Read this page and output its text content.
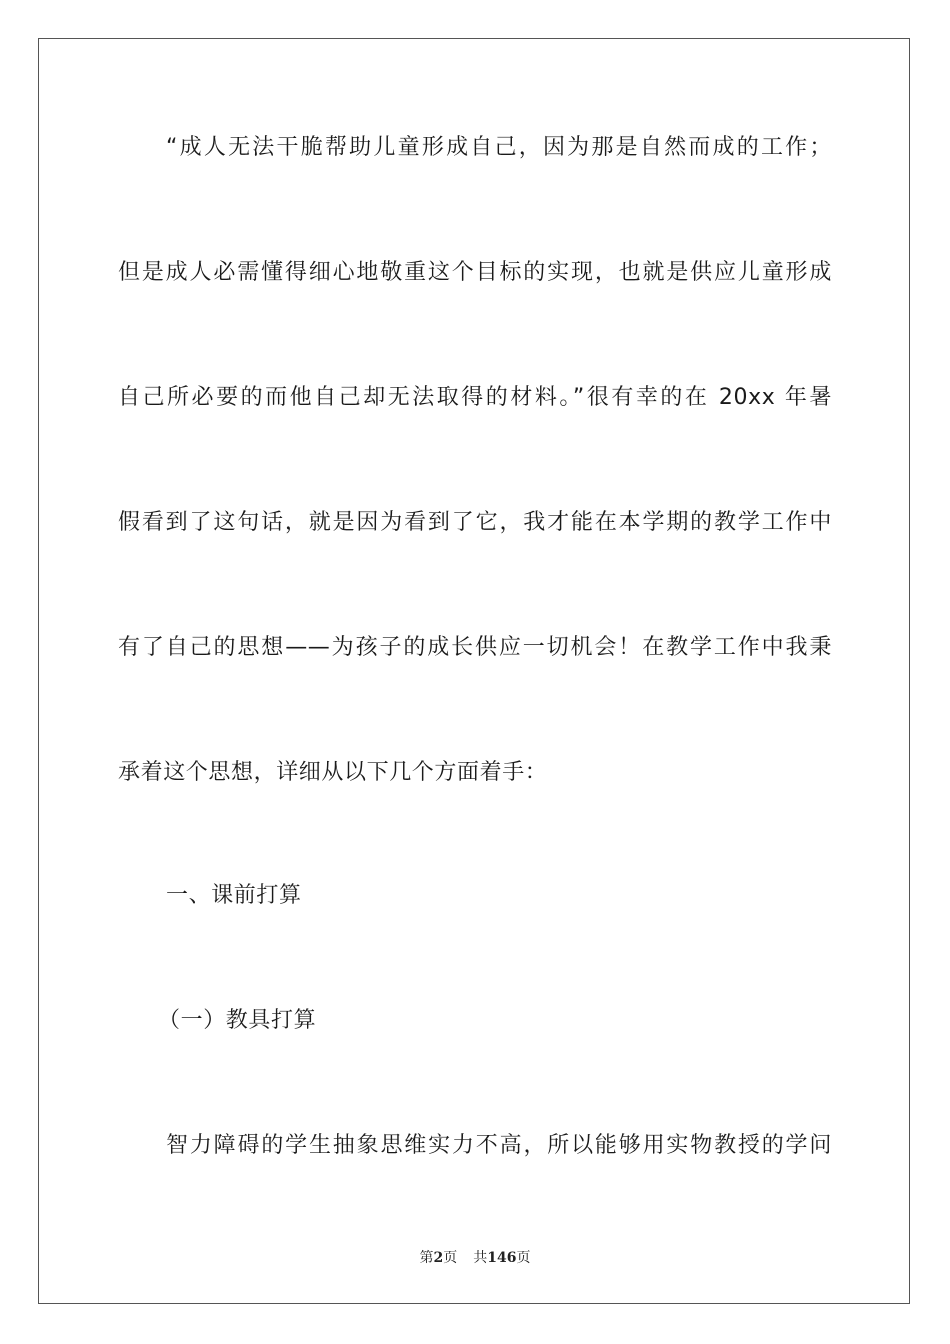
“成人无法干脆帮助儿童形成自己，因为那是自然而成的工作；
但是成人必需懂得细心地敬重这个目标的实现，也就是供应儿童形成
自己所必要的而他自己却无法取得的材料。”很有幸的在 20xx 年暑
假看到了这句话，就是因为看到了它，我才能在本学期的教学工作中
有了自己的思想——为孩子的成长供应一切机会！在教学工作中我秉
承着这个思想，详细从以下几个方面着手：
一、课前打算
（一）教具打算
智力障碍的学生抽象思维实力不高，所以能够用实物教授的学问
第2页 共146页
